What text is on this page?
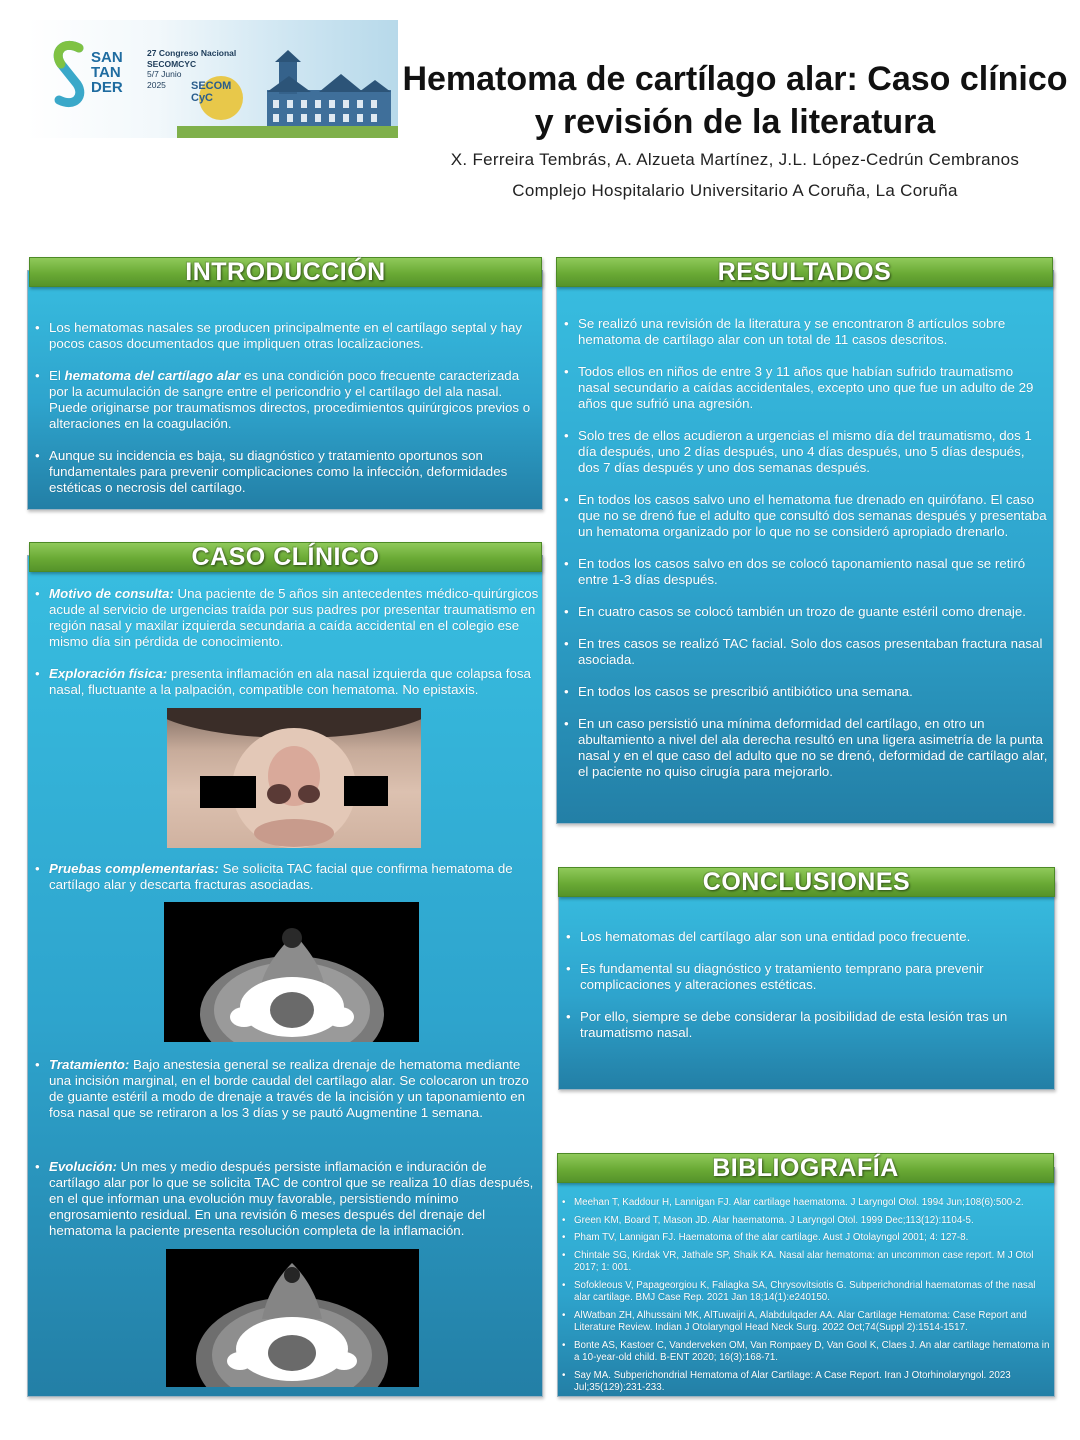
SAN
TAN
DER
27 Congreso Nacional
SECOMCYC
5/7 Junio
2025	SECOM
CyC	Hematoma de cartílago alar: Caso clínico y revisión de la literatura
X. Ferreira Tembrás, A. Alzueta Martínez, J.L. López-Cedrún Cembranos
Complejo Hospitalario Universitario A Coruña, La Coruña
INTRODUCCIÓN
• Los hematomas nasales se producen principalmente en el cartílago septal y hay pocos casos documentados que impliquen otras localizaciones.
• El hematoma del cartílago alar es una condición poco frecuente caracterizada por la acumulación de sangre entre el pericondrio y el cartílago del ala nasal. Puede originarse por traumatismos directos, procedimientos quirúrgicos previos o alteraciones en la coagulación.
• Aunque su incidencia es baja, su diagnóstico y tratamiento oportunos son fundamentales para prevenir complicaciones como la infección, deformidades estéticas o necrosis del cartílago.
CASO CLÍNICO
• Motivo de consulta: Una paciente de 5 años sin antecedentes médico-quirúrgicos acude al servicio de urgencias traída por sus padres por presentar traumatismo en región nasal y maxilar izquierda secundaria a caída accidental en el colegio ese mismo día sin pérdida de conocimiento.
• Exploración física: presenta inflamación en ala nasal izquierda que colapsa fosa nasal, fluctuante a la palpación, compatible con hematoma. No epistaxis.
• Pruebas complementarias: Se solicita TAC facial que confirma hematoma de cartílago alar y descarta fracturas asociadas.
• Tratamiento: Bajo anestesia general se realiza drenaje de hematoma mediante una incisión marginal, en el borde caudal del cartílago alar. Se colocaron un trozo de guante estéril a modo de drenaje a través de la incisión y un taponamiento en fosa nasal que se retiraron a los 3 días y se pautó Augmentine 1 semana.
• Evolución: Un mes y medio después persiste inflamación e induración de cartílago alar por lo que se solicita TAC de control que se realiza 10 días después, en el que informan una evolución muy favorable, persistiendo mínimo engrosamiento residual. En una revisión 6 meses después del drenaje del hematoma la paciente presenta resolución completa de la inflamación.
RESULTADOS
• Se realizó una revisión de la literatura y se encontraron 8 artículos sobre hematoma de cartílago alar con un total de 11 casos descritos.
• Todos ellos en niños de entre 3 y 11 años que habían sufrido traumatismo nasal secundario a caídas accidentales, excepto uno que fue un adulto de 29 años que sufrió una agresión.
• Solo tres de ellos acudieron a urgencias el mismo día del traumatismo, dos 1 día después, uno 2 días después, uno 4 días después, uno 5 días después, dos 7 días después y uno dos semanas después.
• En todos los casos salvo uno el hematoma fue drenado en quirófano. El caso que no se drenó fue el adulto que consultó dos semanas después y presentaba un hematoma organizado por lo que no se consideró apropiado drenarlo.
• En todos los casos salvo en dos se colocó taponamiento nasal que se retiró entre 1-3 días después.
• En cuatro casos se colocó también un trozo de guante estéril como drenaje.
• En tres casos se realizó TAC facial. Solo dos casos presentaban fractura nasal asociada.
• En todos los casos se prescribió antibiótico una semana.
• En un caso persistió una mínima deformidad del cartílago, en otro un abultamiento a nivel del ala derecha resultó en una ligera asimetría de la punta nasal y en el que caso del adulto que no se drenó, deformidad de cartílago alar, el paciente no quiso cirugía para mejorarlo.
CONCLUSIONES
• Los hematomas del cartílago alar son una entidad poco frecuente.
• Es fundamental su diagnóstico y tratamiento temprano para prevenir complicaciones y alteraciones estéticas.
• Por ello, siempre se debe considerar la posibilidad de esta lesión tras un traumatismo nasal.
BIBLIOGRAFÍA
• Meehan T, Kaddour H, Lannigan FJ. Alar cartilage haematoma. J Laryngol Otol. 1994 Jun;108(6):500-2.
• Green KM, Board T, Mason JD. Alar haematoma. J Laryngol Otol. 1999 Dec;113(12):1104-5.
• Pham TV, Lannigan FJ. Haematoma of the alar cartilage. Aust J Otolayngol 2001; 4: 127-8.
• Chintale SG, Kirdak VR, Jathale SP, Shaik KA. Nasal alar hematoma: an uncommon case report. M J Otol 2017; 1: 001.
• Sofokleous V, Papageorgiou K, Faliagka SA, Chrysovitsiotis G. Subperichondrial haematomas of the nasal alar cartilage. BMJ Case Rep. 2021 Jan 18;14(1):e240150.
• AlWatban ZH, Alhussaini MK, AlTuwaijri A, Alabdulqader AA. Alar Cartilage Hematoma: Case Report and Literature Review. Indian J Otolaryngol Head Neck Surg. 2022 Oct;74(Suppl 2):1514-1517.
• Bonte AS, Kastoer C, Vanderveken OM, Van Rompaey D, Van Gool K, Claes J. An alar cartilage hematoma in a 10-year-old child. B-ENT 2020; 16(3):168-71.
• Say MA. Subperichondrial Hematoma of Alar Cartilage: A Case Report. Iran J Otorhinolaryngol. 2023 Jul;35(129):231-233.
